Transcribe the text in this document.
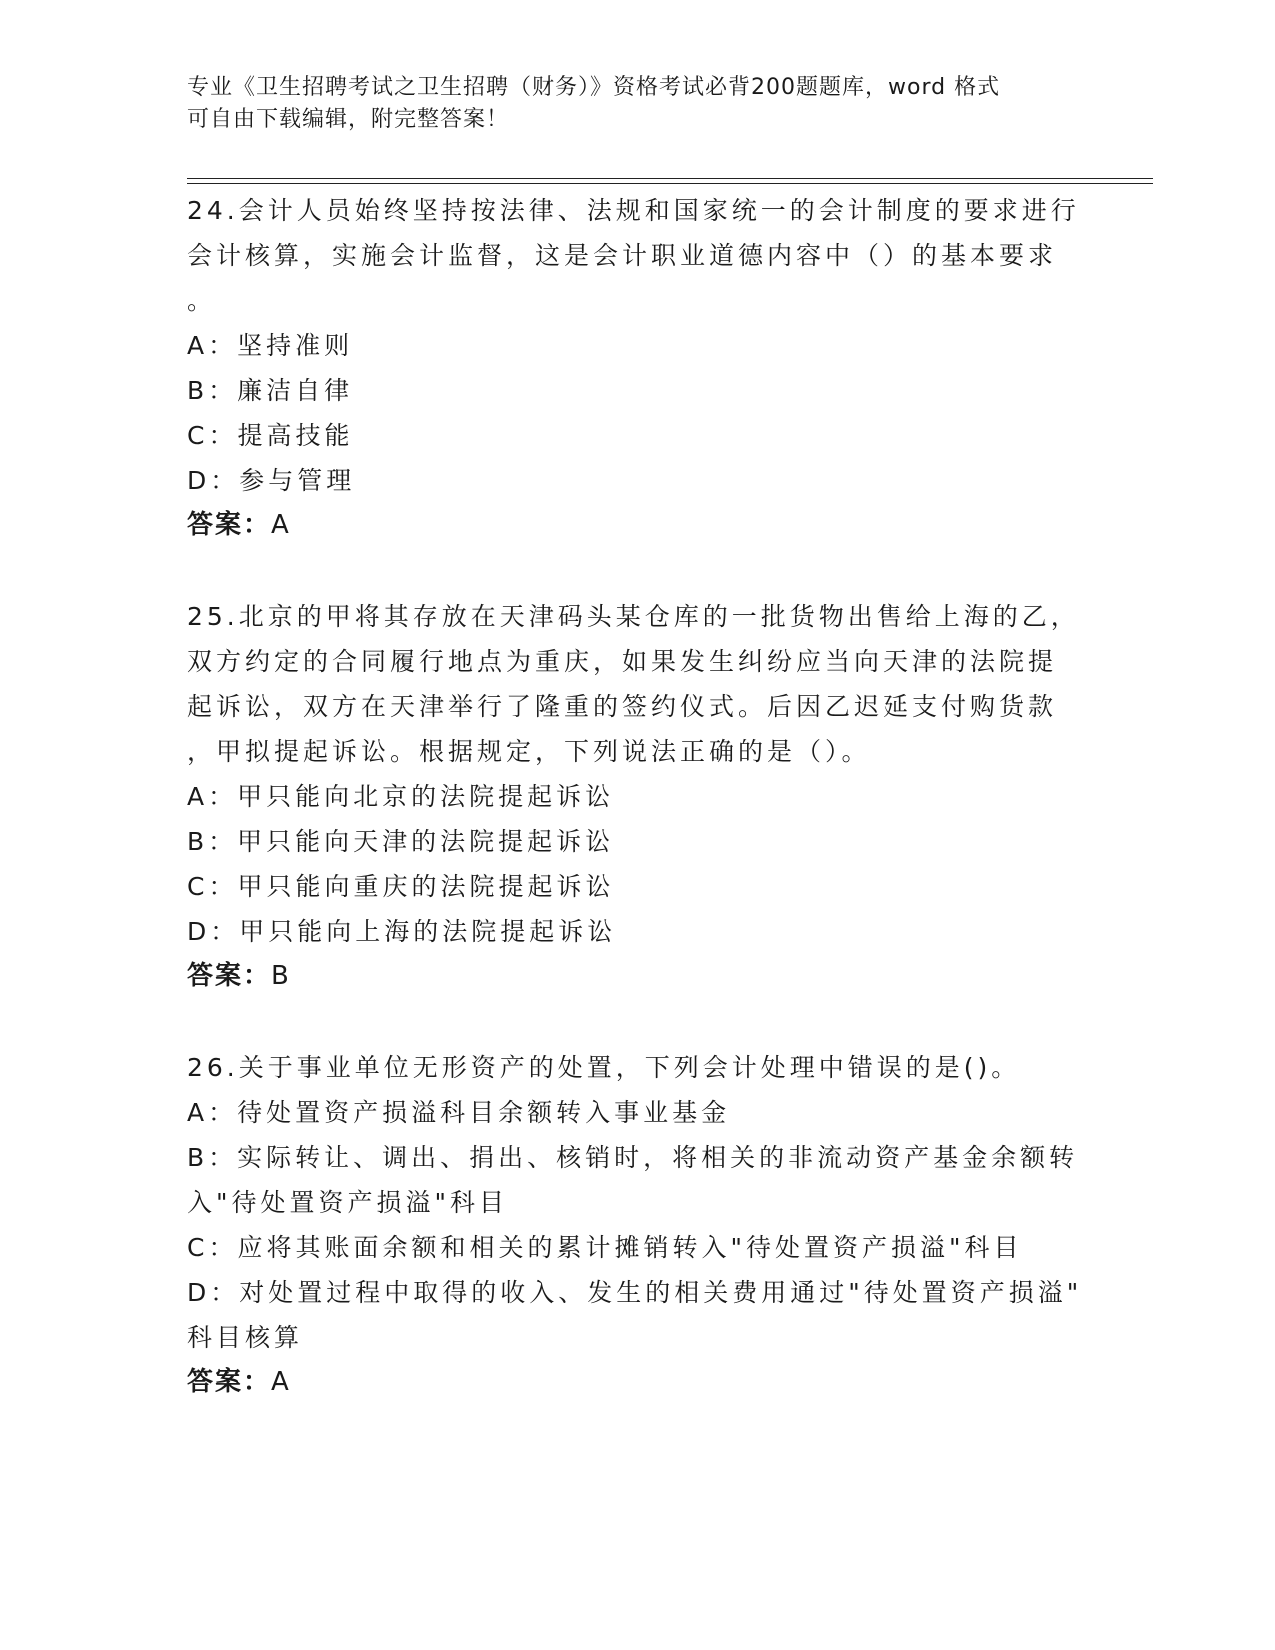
专业《卫生招聘考试之卫生招聘（财务）》资格考试必背200题题库，word 格式

可自由下载编辑，附完整答案！

24.会计人员始终坚持按法律、法规和国家统一的会计制度的要求进行

会计核算，实施会计监督，这是会计职业道德内容中（）的基本要求

。

A：坚持准则

B：廉洁自律

C：提高技能

D：参与管理

答案：A

25.北京的甲将其存放在天津码头某仓库的一批货物出售给上海的乙，

双方约定的合同履行地点为重庆，如果发生纠纷应当向天津的法院提

起诉讼，双方在天津举行了隆重的签约仪式。后因乙迟延支付购货款

，甲拟提起诉讼。根据规定，下列说法正确的是（）。

A：甲只能向北京的法院提起诉讼

B：甲只能向天津的法院提起诉讼

C：甲只能向重庆的法院提起诉讼

D：甲只能向上海的法院提起诉讼

答案：B

26.关于事业单位无形资产的处置，下列会计处理中错误的是()。

A：待处置资产损溢科目余额转入事业基金

B：实际转让、调出、捐出、核销时，将相关的非流动资产基金余额转

入"待处置资产损溢"科目

C：应将其账面余额和相关的累计摊销转入"待处置资产损溢"科目

D：对处置过程中取得的收入、发生的相关费用通过"待处置资产损溢"

科目核算

答案：A
